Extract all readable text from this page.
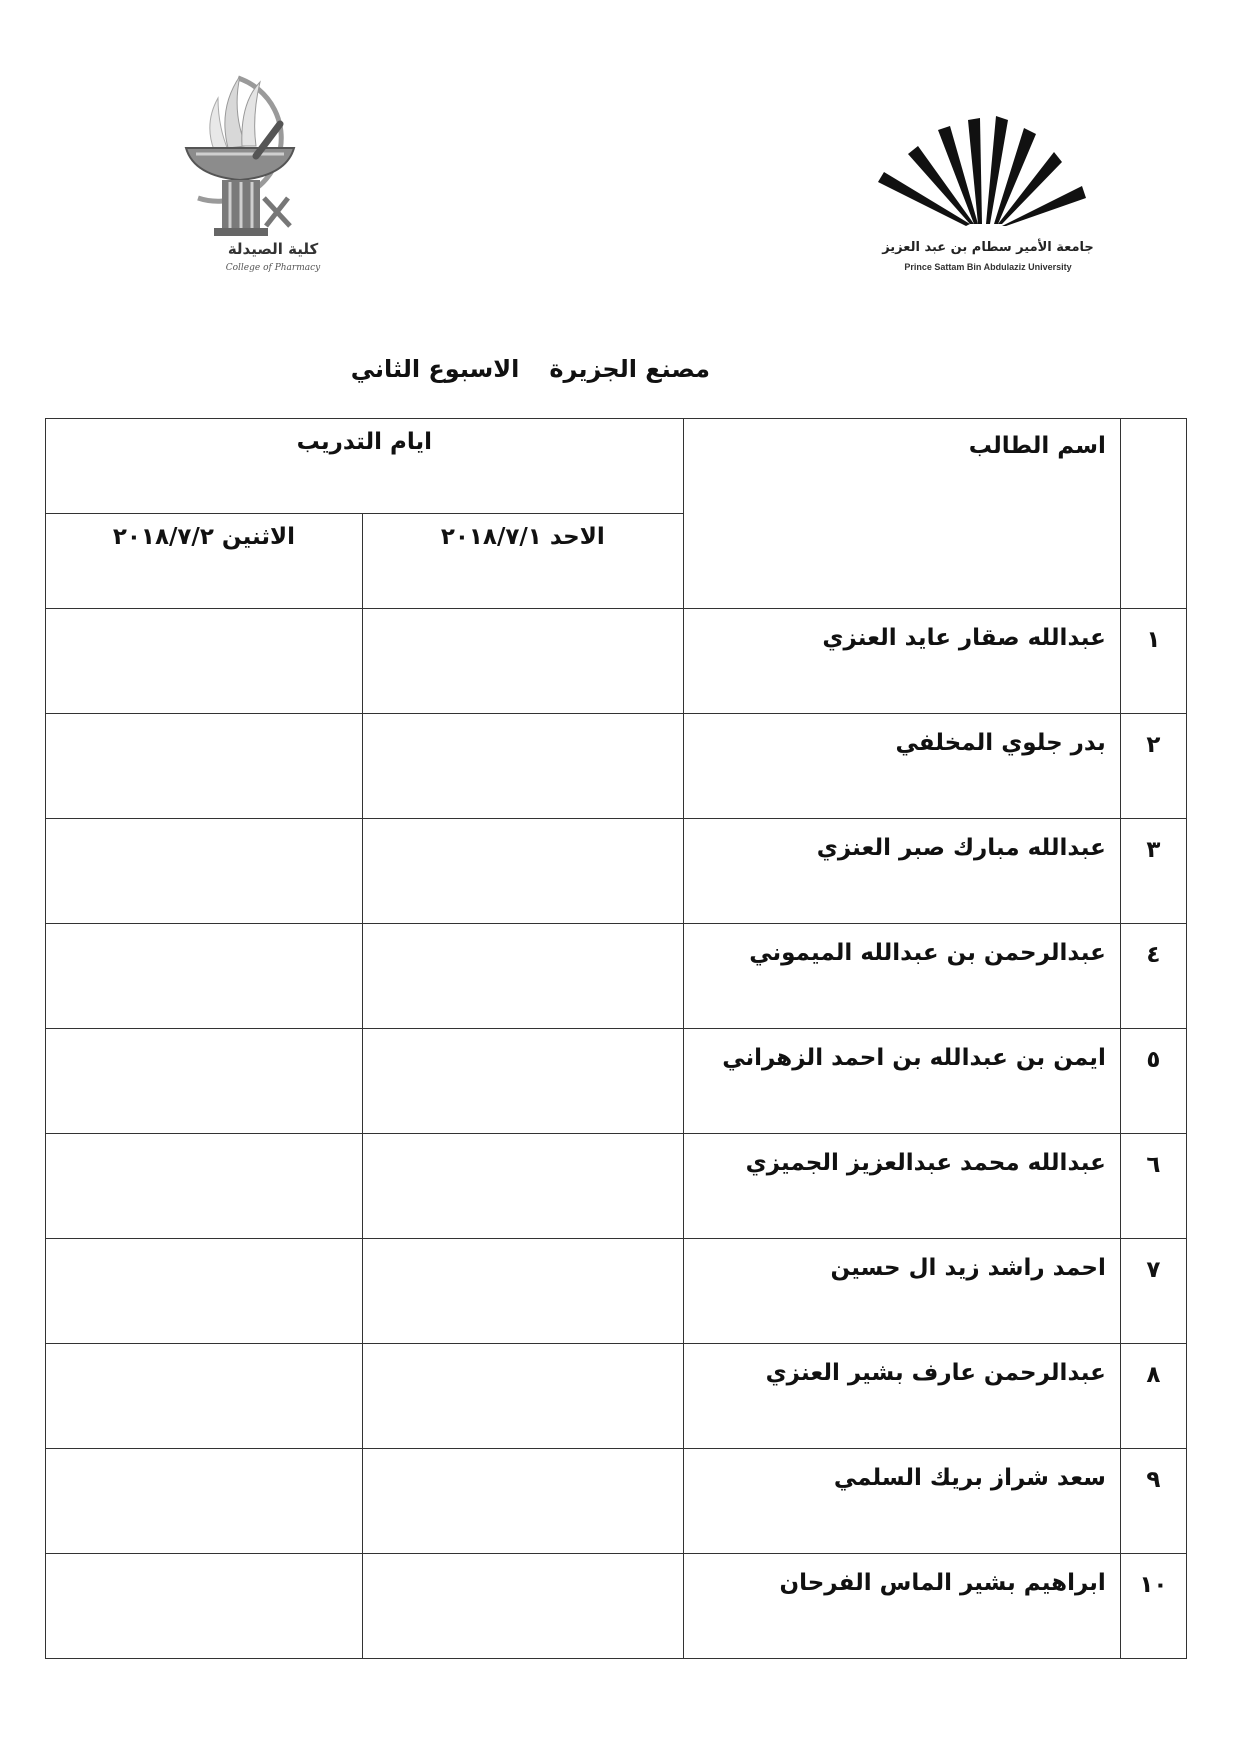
كلية الصيدلة
College of Pharmacy
جامعة الأمير سطام بن عبد العزيز
Prince Sattam Bin Abdulaziz University
مصنع الجزيرةالاسبوع الثاني
	اسم الطالب	ايام التدريب	
		الاحد ٢٠١٨/٧/١	الاثنين ٢٠١٨/٧/٢
١	عبدالله صقار عايد العنزي		
٢	بدر جلوي المخلفي		
٣	عبدالله مبارك صبر العنزي		
٤	عبدالرحمن بن عبدالله الميموني		
٥	ايمن بن عبدالله بن احمد الزهراني		
٦	عبدالله محمد عبدالعزيز الجميزي		
٧	احمد راشد زيد ال حسين		
٨	عبدالرحمن عارف بشير العنزي		
٩	سعد شراز بريك السلمي		
١٠	ابراهيم بشير الماس الفرحان		
